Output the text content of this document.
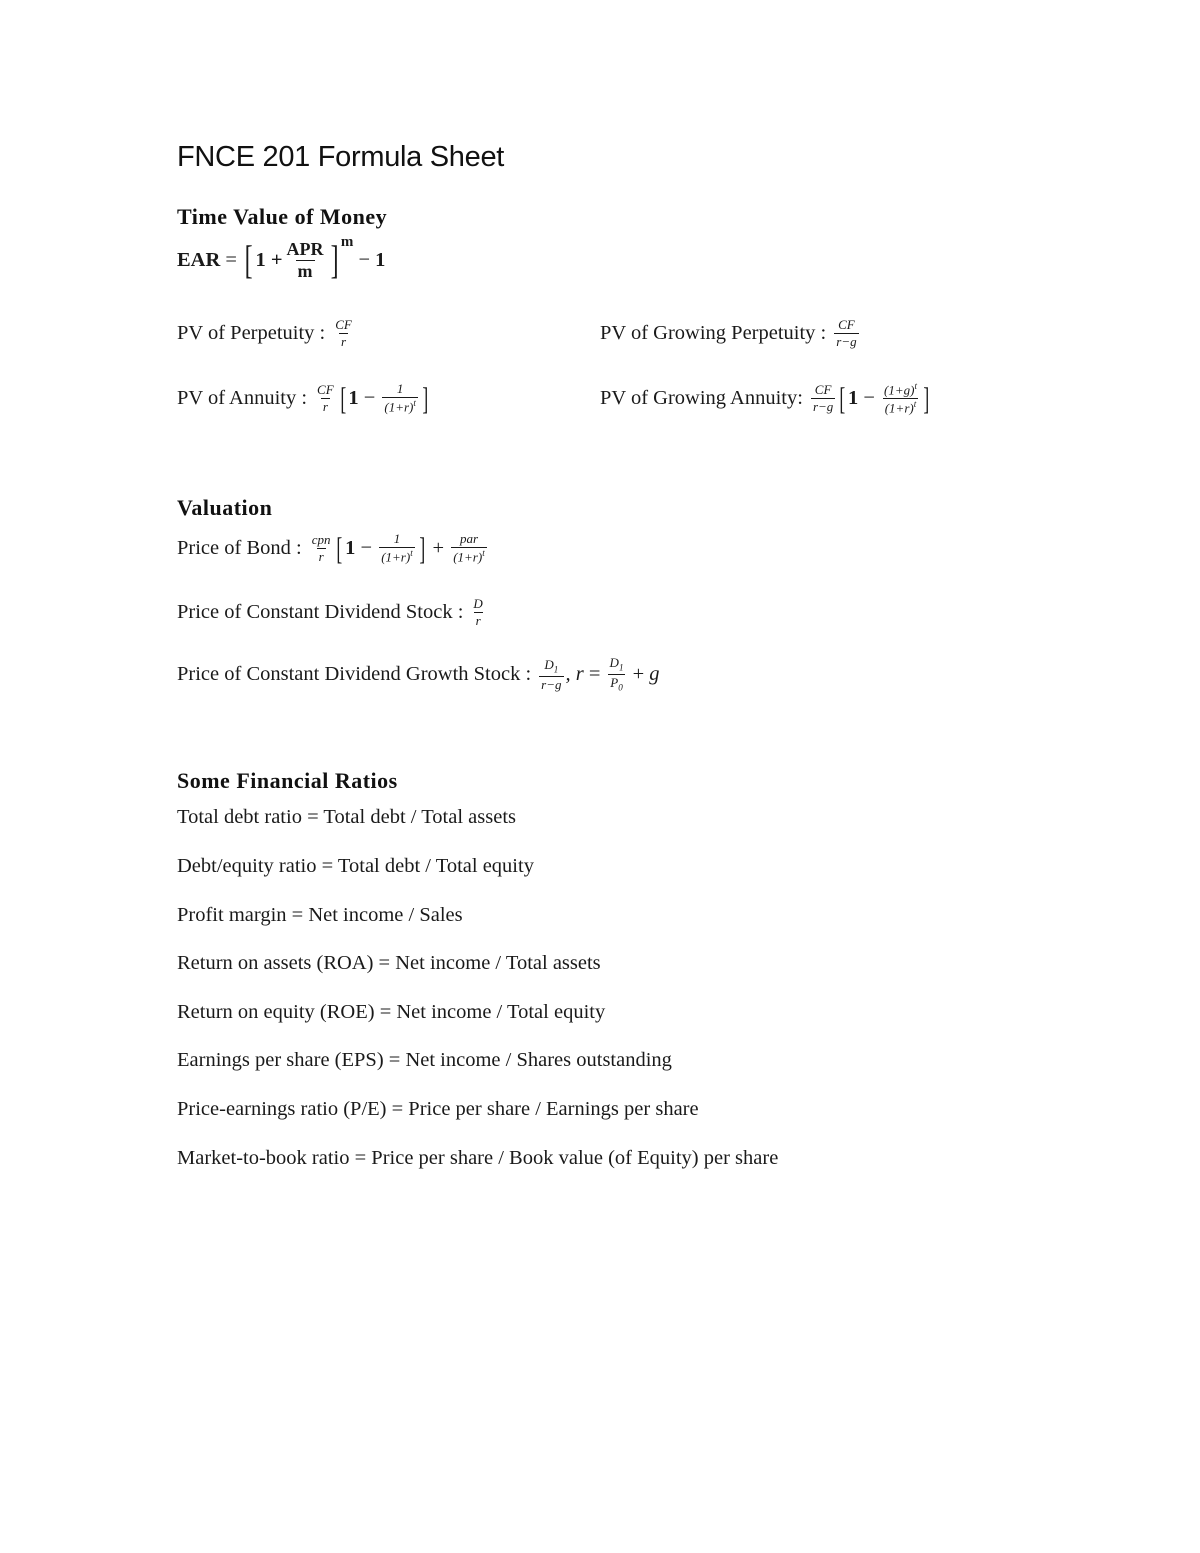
FNCE 201 Formula Sheet
Time Value of Money
EAR = [ $1 + \frac{\text{APR}}{m}$ ] m
− 1
PV of Perpetuity : $\frac{CF}{r}$	PV of Growing Perpetuity : $\frac{CF}{r-g}$
PV of Annuity : $\frac{CF}{r}$ [ $1 - \frac{1}{(1+r)^t}$ ]	PV of Growing Annuity: $\frac{CF}{r-g}$ [ $1 - \frac{(1+g)^t}{(1+r)^t}$ ]
Valuation
Price of Bond : $\frac{\text{cpn}}{r}$ [ $1 - \frac{1}{(1+r)^t}$ ] + $\frac{\text{par}}{(1+r)^t}$
Price of Constant Dividend Stock : $\frac{D}{r}$
Price of Constant Dividend Growth Stock : $\frac{D_1}{r-g}$ , $r = \frac{D_1}{P_0} + g$
Some Financial Ratios
Total debt ratio = Total debt / Total assets
Debt/equity ratio = Total debt / Total equity
Profit margin = Net income / Sales
Return on assets (ROA) = Net income / Total assets
Return on equity (ROE) = Net income / Total equity
Earnings per share (EPS) = Net income / Shares outstanding
Price-earnings ratio (P/E) = Price per share / Earnings per share
Market-to-book ratio = Price per share / Book value (of Equity) per share
